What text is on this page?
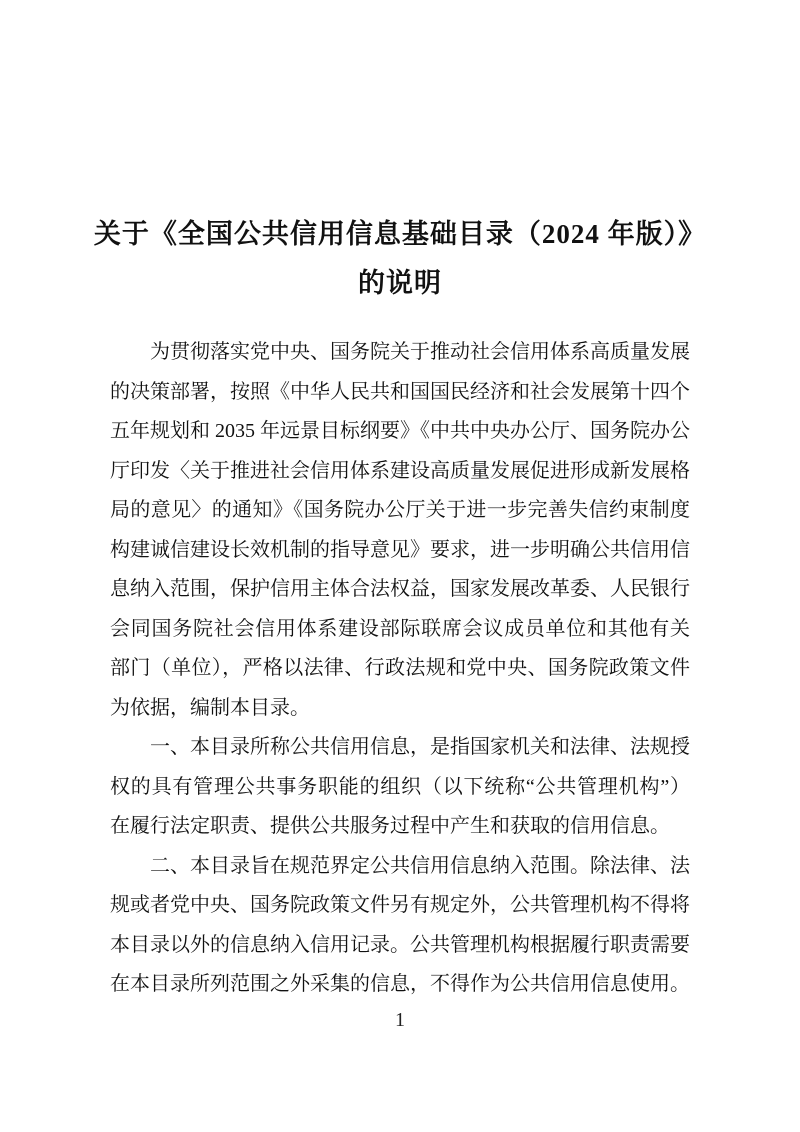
关于《全国公共信用信息基础目录（2024 年版）》
的说明
为贯彻落实党中央、国务院关于推动社会信用体系高质量发展
的决策部署，按照《中华人民共和国国民经济和社会发展第十四个
五年规划和 2035 年远景目标纲要》《中共中央办公厅、国务院办公
厅印发〈关于推进社会信用体系建设高质量发展促进形成新发展格
局的意见〉的通知》《国务院办公厅关于进一步完善失信约束制度
构建诚信建设长效机制的指导意见》要求，进一步明确公共信用信
息纳入范围，保护信用主体合法权益，国家发展改革委、人民银行
会同国务院社会信用体系建设部际联席会议成员单位和其他有关
部门（单位），严格以法律、行政法规和党中央、国务院政策文件
为依据，编制本目录。
一、本目录所称公共信用信息，是指国家机关和法律、法规授
权的具有管理公共事务职能的组织（以下统称“公共管理机构”）
在履行法定职责、提供公共服务过程中产生和获取的信用信息。
二、本目录旨在规范界定公共信用信息纳入范围。除法律、法
规或者党中央、国务院政策文件另有规定外，公共管理机构不得将
本目录以外的信息纳入信用记录。公共管理机构根据履行职责需要
在本目录所列范围之外采集的信息，不得作为公共信用信息使用。
1
